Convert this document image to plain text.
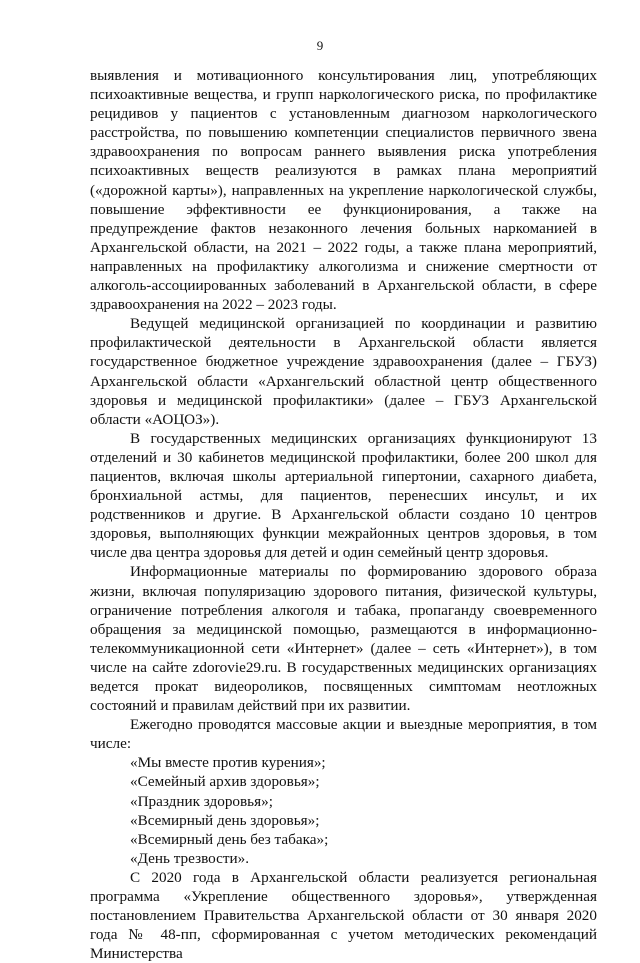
9

выявления и мотивационного консультирования лиц, употребляющих психоактивные вещества, и групп наркологического риска, по профилактике рецидивов у пациентов с установленным диагнозом наркологического расстройства, по повышению компетенции специалистов первичного звена здравоохранения по вопросам раннего выявления риска употребления психоактивных веществ реализуются в рамках плана мероприятий («дорожной карты»), направленных на укрепление наркологической службы, повышение эффективности ее функционирования, а также на предупреждение фактов незаконного лечения больных наркоманией в Архангельской области, на 2021 – 2022 годы, а также плана мероприятий, направленных на профилактику алкоголизма и снижение смертности от алкоголь-ассоциированных заболеваний в Архангельской области, в сфере здравоохранения на 2022 – 2023 годы.

Ведущей медицинской организацией по координации и развитию профилактической деятельности в Архангельской области является государственное бюджетное учреждение здравоохранения (далее – ГБУЗ) Архангельской области «Архангельский областной центр общественного здоровья и медицинской профилактики» (далее – ГБУЗ Архангельской области «АОЦОЗ»).

В государственных медицинских организациях функционируют 13 отделений и 30 кабинетов медицинской профилактики, более 200 школ для пациентов, включая школы артериальной гипертонии, сахарного диабета, бронхиальной астмы, для пациентов, перенесших инсульт, и их родственников и другие. В Архангельской области создано 10 центров здоровья, выполняющих функции межрайонных центров здоровья, в том числе два центра здоровья для детей и один семейный центр здоровья.

Информационные материалы по формированию здорового образа жизни, включая популяризацию здорового питания, физической культуры, ограничение потребления алкоголя и табака, пропаганду своевременного обращения за медицинской помощью, размещаются в информационно-телекоммуникационной сети «Интернет» (далее – сеть «Интернет»), в том числе на сайте zdorovie29.ru. В государственных медицинских организациях ведется прокат видеороликов, посвященных симптомам неотложных состояний и правилам действий при их развитии.

Ежегодно проводятся массовые акции и выездные мероприятия, в том числе:

«Мы вместе против курения»;

«Семейный архив здоровья»;

«Праздник здоровья»;

«Всемирный день здоровья»;

«Всемирный день без табака»;

«День трезвости».

С 2020 года в Архангельской области реализуется региональная программа «Укрепление общественного здоровья», утвержденная постановлением Правительства Архангельской области от 30 января 2020 года № 48-пп, сформированная с учетом методических рекомендаций Министерства
